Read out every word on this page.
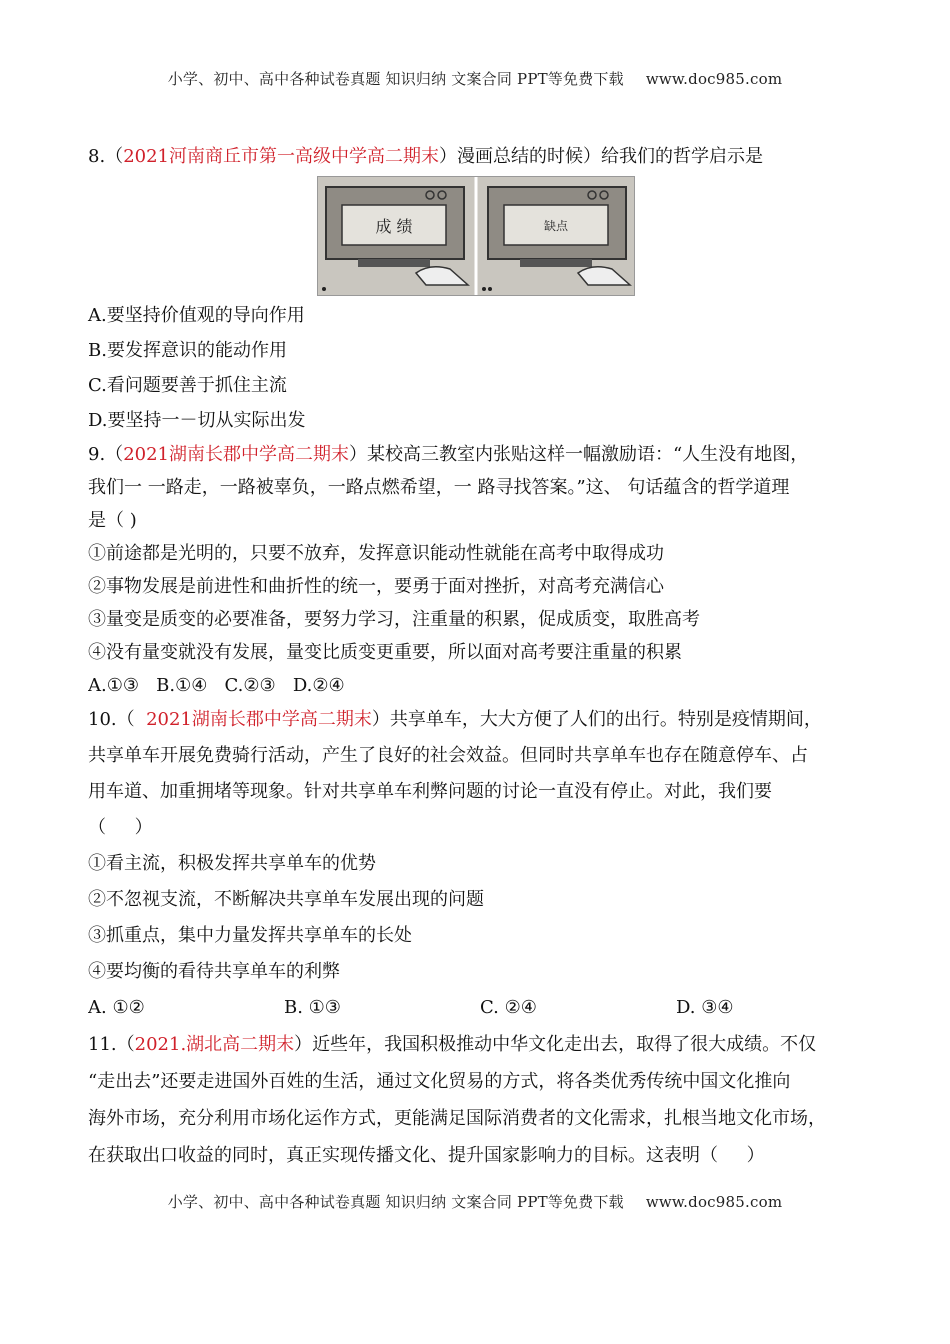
小学、初中、高中各种试卷真题 知识归纳 文案合同 PPT等免费下载 www.doc985.com
8.（2021河南商丘市第一高级中学高二期末）漫画总结的时候）给我们的哲学启示是
成 绩	缺点
A.要坚持价值观的导向作用
B.要发挥意识的能动作用
C.看问题要善于抓住主流
D.要坚持一－切从实际出发
9.（2021湖南长郡中学高二期末）某校高三教室内张贴这样一幅激励语：“人生没有地图，
我们一 一路走，一路被辜负，一路点燃希望，一 路寻找答案。”这、 句话蕴含的哲学道理
是（ )
①前途都是光明的，只要不放弃，发挥意识能动性就能在高考中取得成功
②事物发展是前进性和曲折性的统一，要勇于面对挫折，对高考充满信心
③量变是质变的必要准备，要努力学习，注重量的积累，促成质变，取胜高考
④没有量变就没有发展，量变比质变更重要，所以面对高考要注重量的积累
A.①③   B.①④   C.②③   D.②④
10.（  2021湖南长郡中学高二期末）共享单车，大大方便了人们的出行。特别是疫情期间，
共享单车开展免费骑行活动，产生了良好的社会效益。但同时共享单车也存在随意停车、占
用车道、加重拥堵等现象。针对共享单车利弊问题的讨论一直没有停止。对此，我们要
（     ）
①看主流，积极发挥共享单车的优势
②不忽视支流，不断解决共享单车发展出现的问题
③抓重点，集中力量发挥共享单车的长处
④要均衡的看待共享单车的利弊
A. ①②	B. ①③	C. ②④	D. ③④
11.（2021.湖北高二期末）近些年，我国积极推动中华文化走出去，取得了很大成绩。不仅
“走出去”还要走进国外百姓的生活，通过文化贸易的方式，将各类优秀传统中国文化推向
海外市场，充分利用市场化运作方式，更能满足国际消费者的文化需求，扎根当地文化市场，
在获取出口收益的同时，真正实现传播文化、提升国家影响力的目标。这表明（     ）
小学、初中、高中各种试卷真题 知识归纳 文案合同 PPT等免费下载 www.doc985.com
